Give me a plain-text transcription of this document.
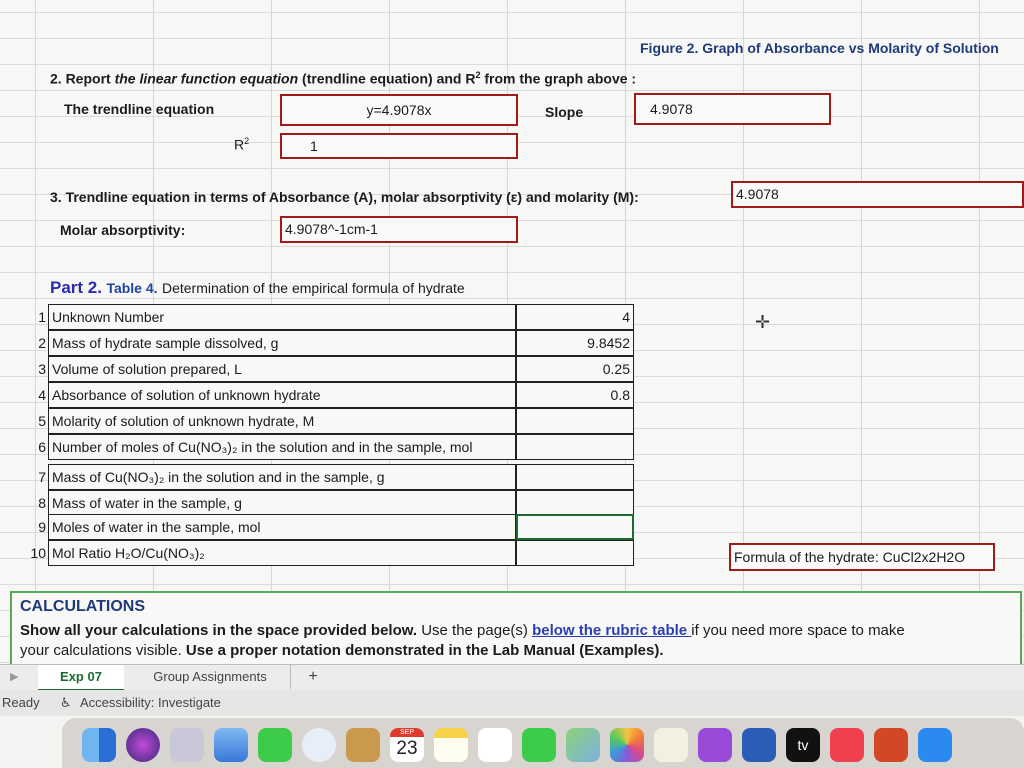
Figure 2. Graph of Absorbance vs Molarity of Solution
2. Report the linear function equation (trendline equation) and $R^2$ from the graph above :
The trendline equation	y=4.9078x	Slope	4.9078
$R^2$	1
3. Trendline equation in terms of Absorbance (A), molar absorptivity (ε) and molarity (M):	4.9078
Molar absorptivity:	4.9078^-1cm-1
Part 2. Table 4. Determination of the empirical formula of hydrate
1 Unknown Number	4
2 Mass of hydrate sample dissolved, g	9.8452
3 Volume of solution prepared, L	0.25
4 Absorbance of solution of unknown hydrate	0.8
5 Molarity of solution of unknown hydrate, M
6 Number of moles of Cu(NO₃)₂ in the solution and in the sample, mol
7 Mass of Cu(NO₃)₂ in the solution and in the sample, g
8 Mass of water in the sample, g
9 Moles of water in the sample, mol
10 Mol Ratio H₂O/Cu(NO₃)₂
✛
Formula of the hydrate: CuCl2x2H2O
CALCULATIONS
Show all your calculations in the space provided below. Use the page(s) below the rubric table if you need more space to make
your calculations visible. Use a proper notation demonstrated in the Lab Manual (Examples).
▶	Exp 07	Group Assignments	+
Ready ♿ Accessibility: Investigate
SEP
23	tv
